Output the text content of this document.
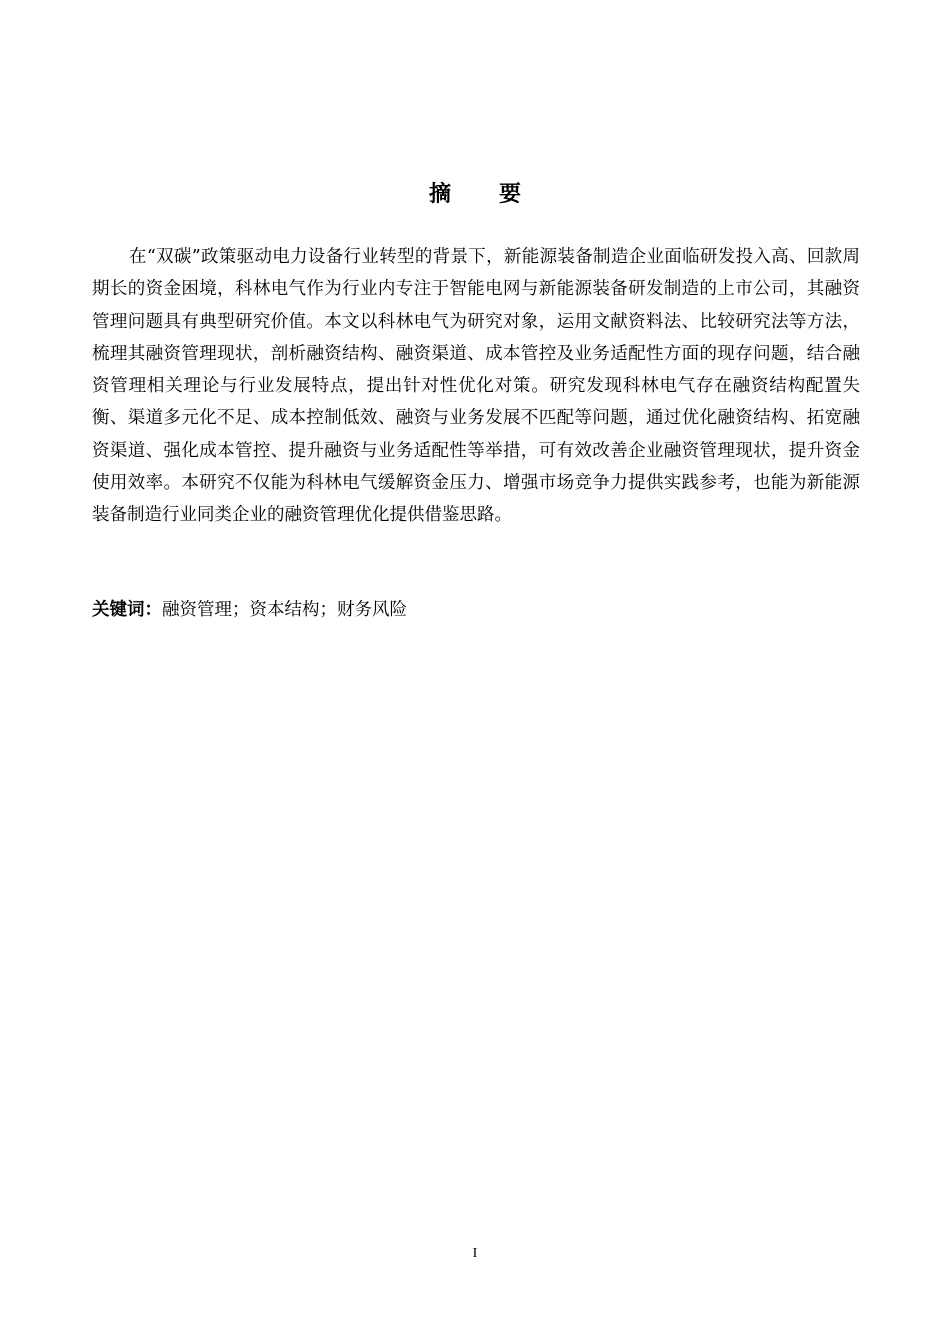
摘要

在“双碳”政策驱动电力设备行业转型的背景下，新能源装备制造企业面临研发投入高、回款周期长的资金困境，科林电气作为行业内专注于智能电网与新能源装备研发制造的上市公司，其融资管理问题具有典型研究价值。本文以科林电气为研究对象，运用文献资料法、比较研究法等方法，梳理其融资管理现状，剖析融资结构、融资渠道、成本管控及业务适配性方面的现存问题，结合融资管理相关理论与行业发展特点，提出针对性优化对策。研究发现科林电气存在融资结构配置失衡、渠道多元化不足、成本控制低效、融资与业务发展不匹配等问题，通过优化融资结构、拓宽融资渠道、强化成本管控、提升融资与业务适配性等举措，可有效改善企业融资管理现状，提升资金使用效率。本研究不仅能为科林电气缓解资金压力、增强市场竞争力提供实践参考，也能为新能源装备制造行业同类企业的融资管理优化提供借鉴思路。

关键词：融资管理；资本结构；财务风险

I
